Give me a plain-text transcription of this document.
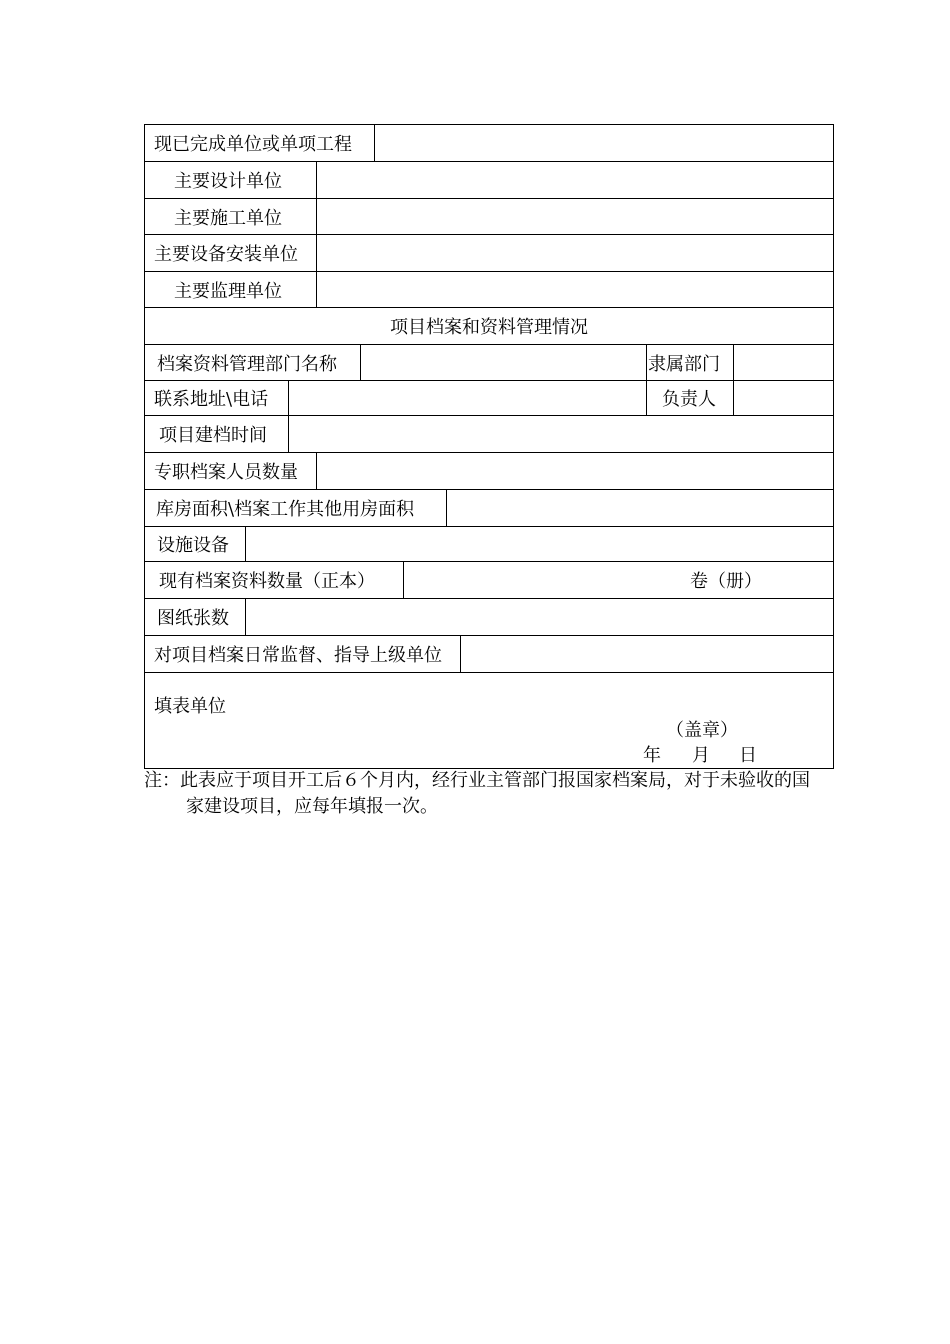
现已完成单位或单项工程
主要设计单位
主要施工单位
主要设备安装单位
主要监理单位
项目档案和资料管理情况
档案资料管理部门名称	隶属部门
联系地址\电话	负责人
项目建档时间
专职档案人员数量
库房面积\档案工作其他用房面积
设施设备
现有档案资料数量（正本）	卷（册）
图纸张数
对项目档案日常监督、指导上级单位
填表单位
（盖章）
年 月 日
注：此表应于项目开工后６个月内，经行业主管部门报国家档案局，对于未验收的国
家建设项目，应每年填报一次。
